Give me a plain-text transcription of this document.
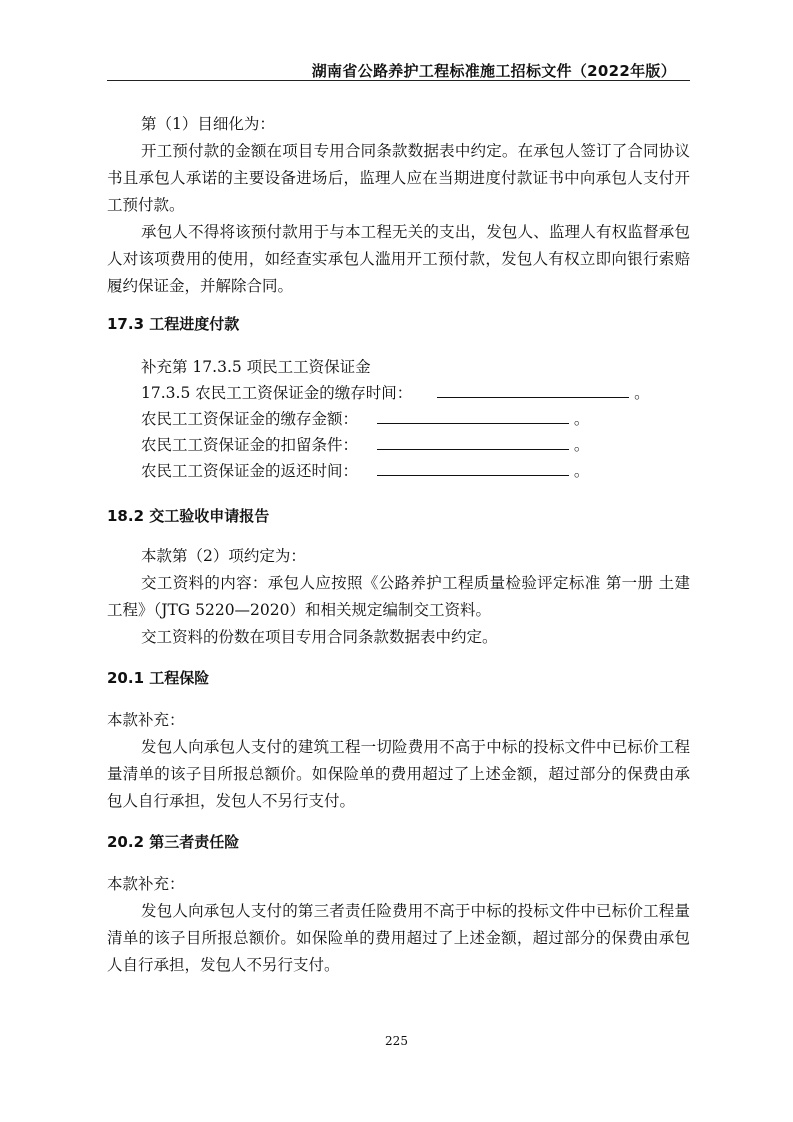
湖南省公路养护工程标准施工招标文件（2022年版）

第（1）目细化为：

开工预付款的金额在项目专用合同条款数据表中约定。在承包人签订了合同协议书且承包人承诺的主要设备进场后，监理人应在当期进度付款证书中向承包人支付开工预付款。

承包人不得将该预付款用于与本工程无关的支出，发包人、监理人有权监督承包人对该项费用的使用，如经查实承包人滥用开工预付款，发包人有权立即向银行索赔履约保证金，并解除合同。

17.3 工程进度付款

补充第 17.3.5 项民工工资保证金

17.3.5 农民工工资保证金的缴存时间：	。

农民工工资保证金的缴存金额：	。

农民工工资保证金的扣留条件：	。

农民工工资保证金的返还时间：	。

18.2 交工验收申请报告

本款第（2）项约定为：

交工资料的内容：承包人应按照《公路养护工程质量检验评定标准 第一册 土建工程》（JTG 5220—2020）和相关规定编制交工资料。

交工资料的份数在项目专用合同条款数据表中约定。

20.1 工程保险

本款补充：

发包人向承包人支付的建筑工程一切险费用不高于中标的投标文件中已标价工程量清单的该子目所报总额价。如保险单的费用超过了上述金额，超过部分的保费由承包人自行承担，发包人不另行支付。

20.2 第三者责任险

本款补充：

发包人向承包人支付的第三者责任险费用不高于中标的投标文件中已标价工程量清单的该子目所报总额价。如保险单的费用超过了上述金额，超过部分的保费由承包人自行承担，发包人不另行支付。

225
